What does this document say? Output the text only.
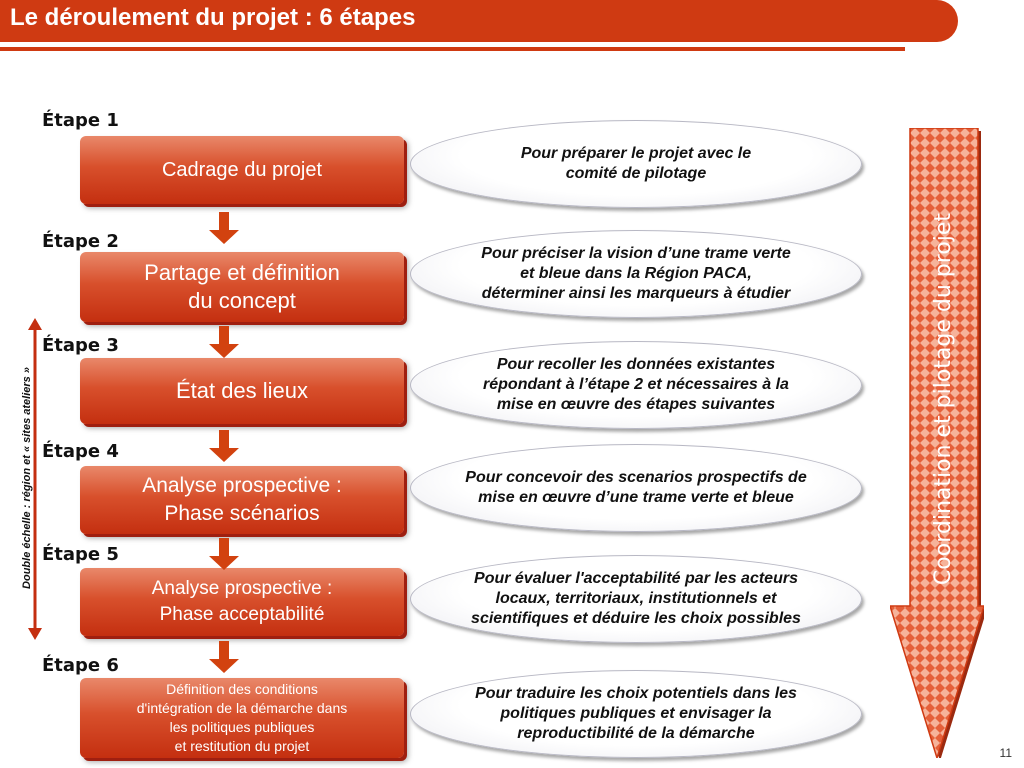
Le déroulement du projet : 6 étapes
Étape 1
Étape 2
Étape 3
Étape 4
Étape 5
Étape 6
Cadrage du projet
Partage et définition
du concept
État des lieux
Analyse prospective :
Phase scénarios
Analyse prospective :
Phase acceptabilité
Définition des conditions
d'intégration de la démarche dans
les politiques publiques
et restitution du projet
Pour préparer le projet avec le
comité de pilotage
Pour préciser la vision d’une trame verte
et bleue dans la Région PACA,
déterminer ainsi les marqueurs à étudier
Pour recoller les données existantes
répondant à l’étape 2 et nécessaires à la
mise en œuvre des étapes suivantes
Pour concevoir des scenarios prospectifs de
mise en œuvre d’une trame verte et bleue
Pour évaluer l'acceptabilité par les acteurs
locaux, territoriaux, institutionnels et
scientifiques et déduire les choix possibles
Pour traduire les choix potentiels dans les
politiques publiques et envisager la
reproductibilité de la démarche
Double échelle : région et « sites ateliers »	Coordination et pilotage du projet
11
